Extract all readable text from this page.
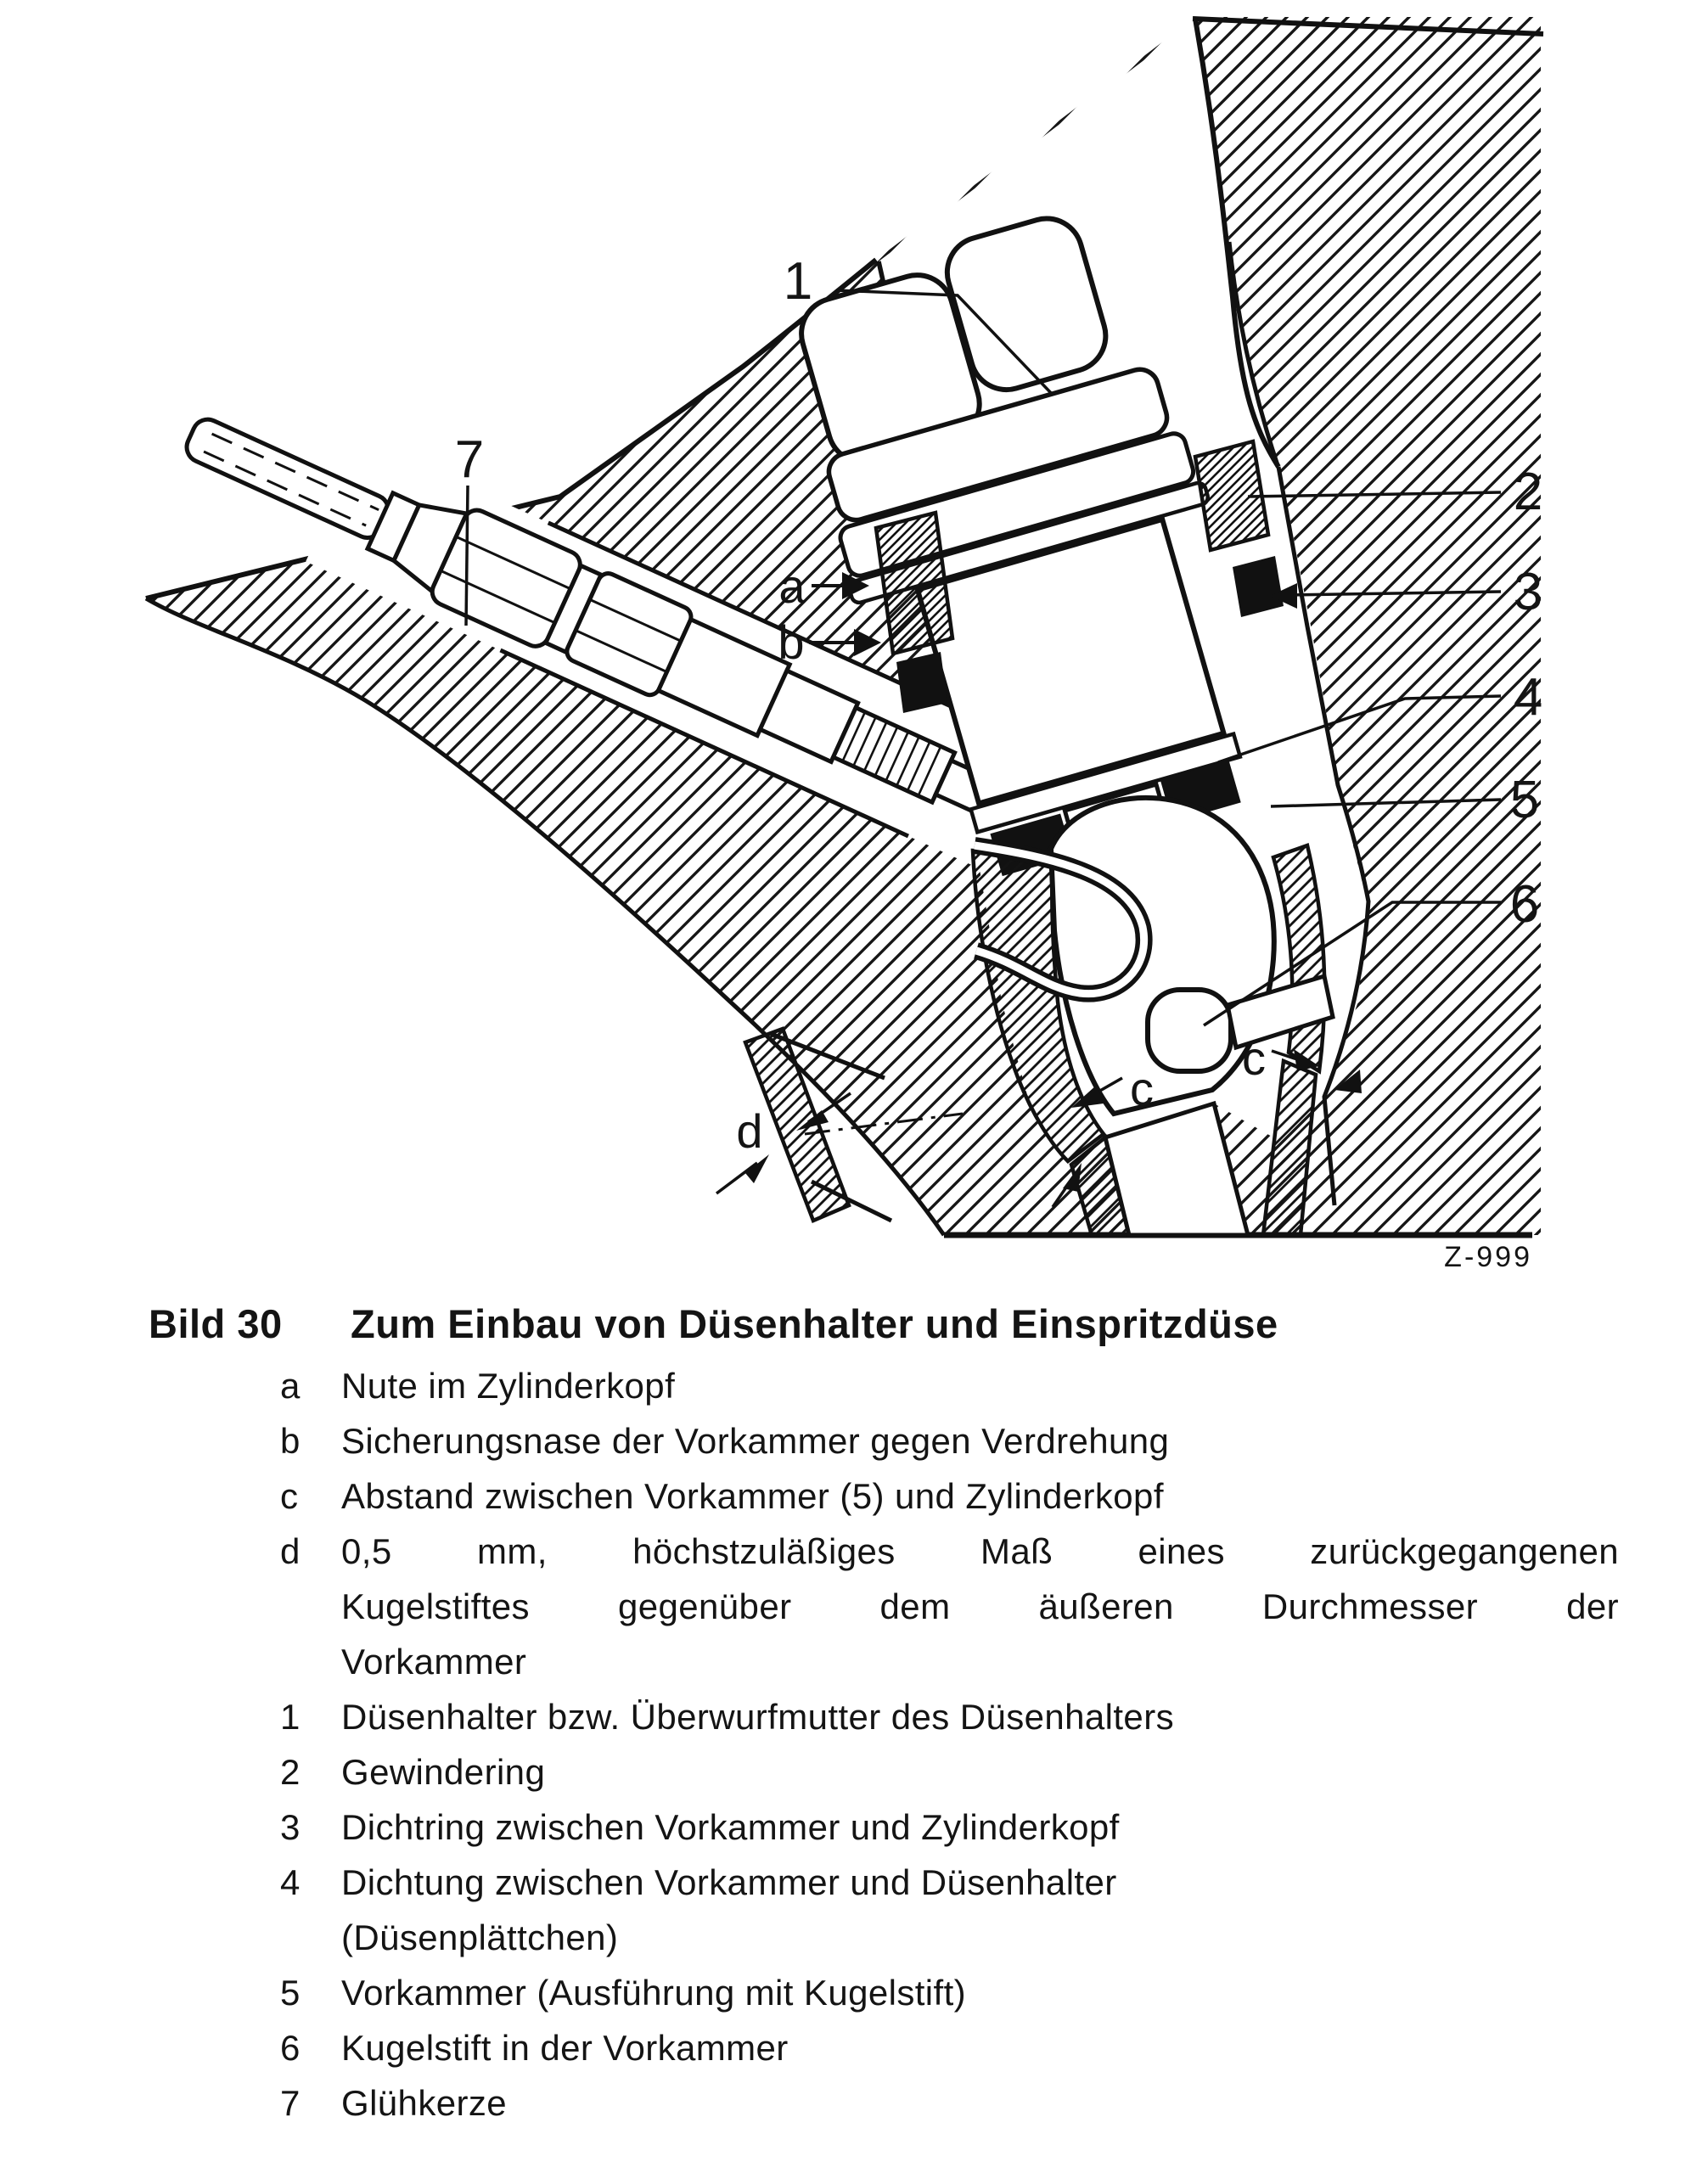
1
7
2
3
4
5
6
a
b
c
c
d
Z-999
Bild 30	Zum Einbau von Düsenhalter und Einspritzdüse
a	Nute im Zylinderkopf
b	Sicherungsnase der Vorkammer gegen Verdrehung
c	Abstand zwischen Vorkammer (5) und Zylinderkopf
d	0,5 mm, höchstzuläßiges Maß eines zurückgegangenen
Kugelstiftes gegenüber dem äußeren Durchmesser der
Vorkammer
1	Düsenhalter bzw. Überwurfmutter des Düsenhalters
2	Gewindering
3	Dichtring zwischen Vorkammer und Zylinderkopf
4	Dichtung zwischen Vorkammer und Düsenhalter
(Düsenplättchen)
5	Vorkammer (Ausführung mit Kugelstift)
6	Kugelstift in der Vorkammer
7	Glühkerze
